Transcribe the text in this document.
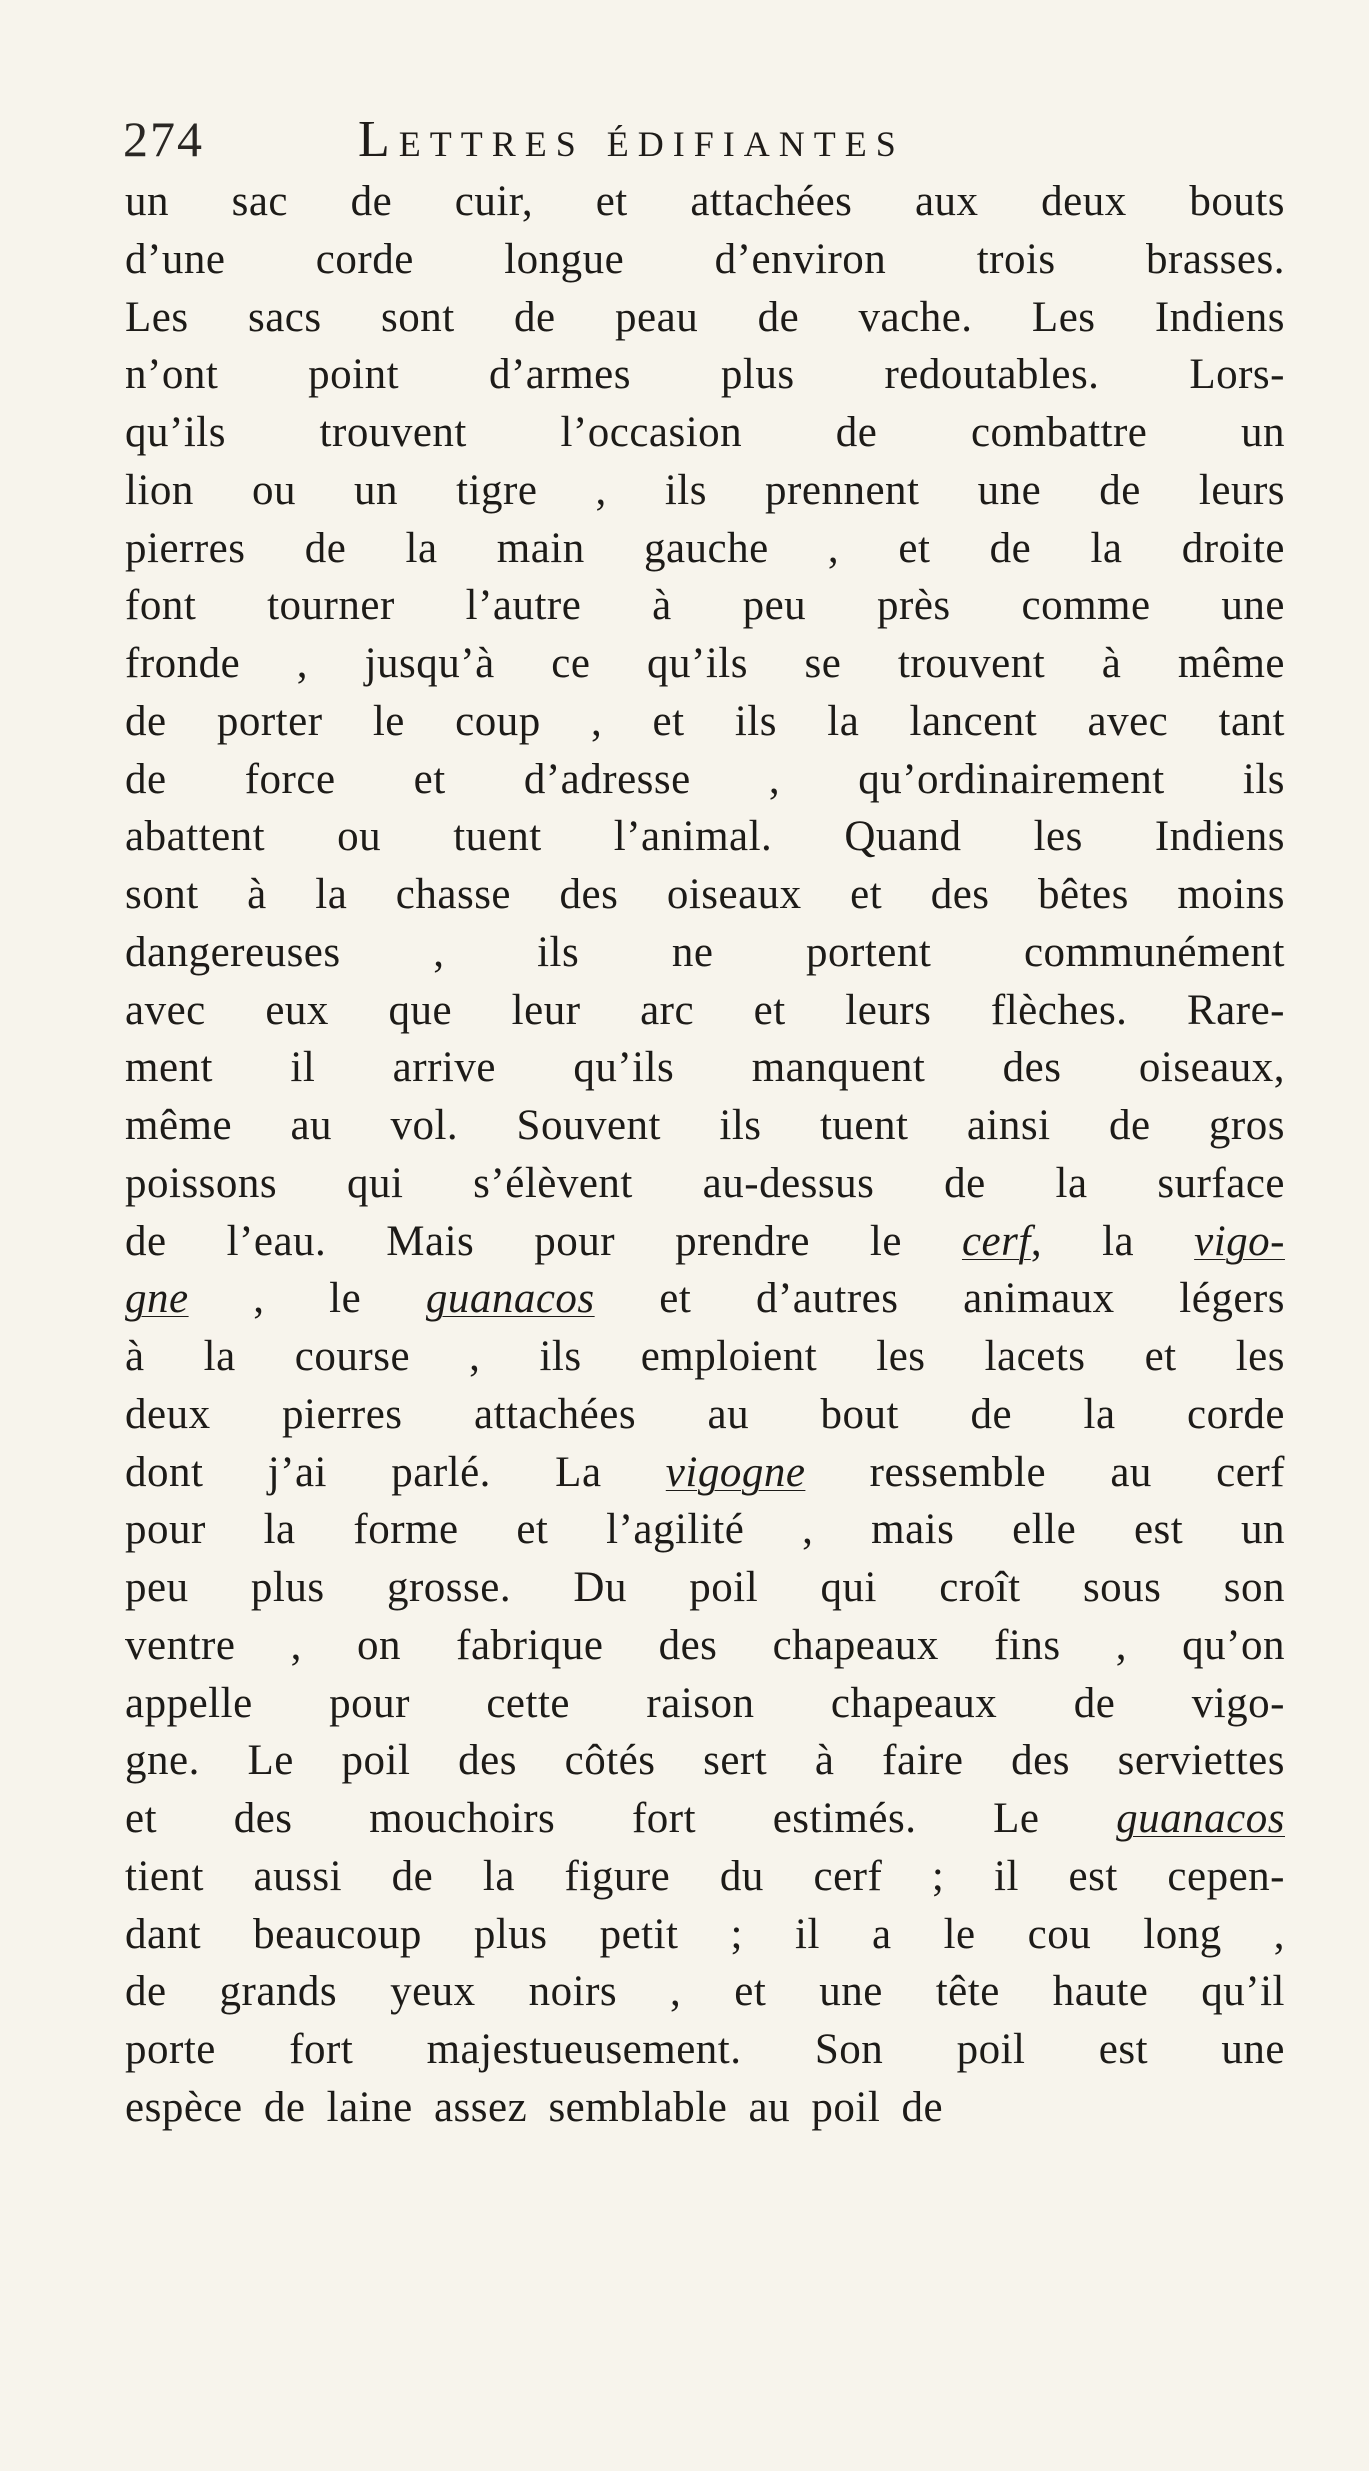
274	Lettres édifiantes
un sac de cuir, et attachées aux deux bouts
d’une corde longue d’environ trois brasses.
Les sacs sont de peau de vache. Les Indiens
n’ont point d’armes plus redoutables. Lors-
qu’ils trouvent l’occasion de combattre un
lion ou un tigre , ils prennent une de leurs
pierres de la main gauche , et de la droite
font tourner l’autre à peu près comme une
fronde , jusqu’à ce qu’ils se trouvent à même
de porter le coup , et ils la lancent avec tant
de force et d’adresse , qu’ordinairement ils
abattent ou tuent l’animal. Quand les Indiens
sont à la chasse des oiseaux et des bêtes moins
dangereuses , ils ne portent communément
avec eux que leur arc et leurs flèches. Rare-
ment il arrive qu’ils manquent des oiseaux,
même au vol. Souvent ils tuent ainsi de gros
poissons qui s’élèvent au-dessus de la surface
de l’eau. Mais pour prendre le cerf, la vigo-
gne , le guanacos et d’autres animaux légers
à la course , ils emploient les lacets et les
deux pierres attachées au bout de la corde
dont j’ai parlé. La vigogne ressemble au cerf
pour la forme et l’agilité , mais elle est un
peu plus grosse. Du poil qui croît sous son
ventre , on fabrique des chapeaux fins , qu’on
appelle pour cette raison chapeaux de vigo-
gne. Le poil des côtés sert à faire des serviettes
et des mouchoirs fort estimés. Le guanacos
tient aussi de la figure du cerf ; il est cepen-
dant beaucoup plus petit ; il a le cou long ,
de grands yeux noirs , et une tête haute qu’il
porte fort majestueusement. Son poil est une
espèce de laine assez semblable au poil de
